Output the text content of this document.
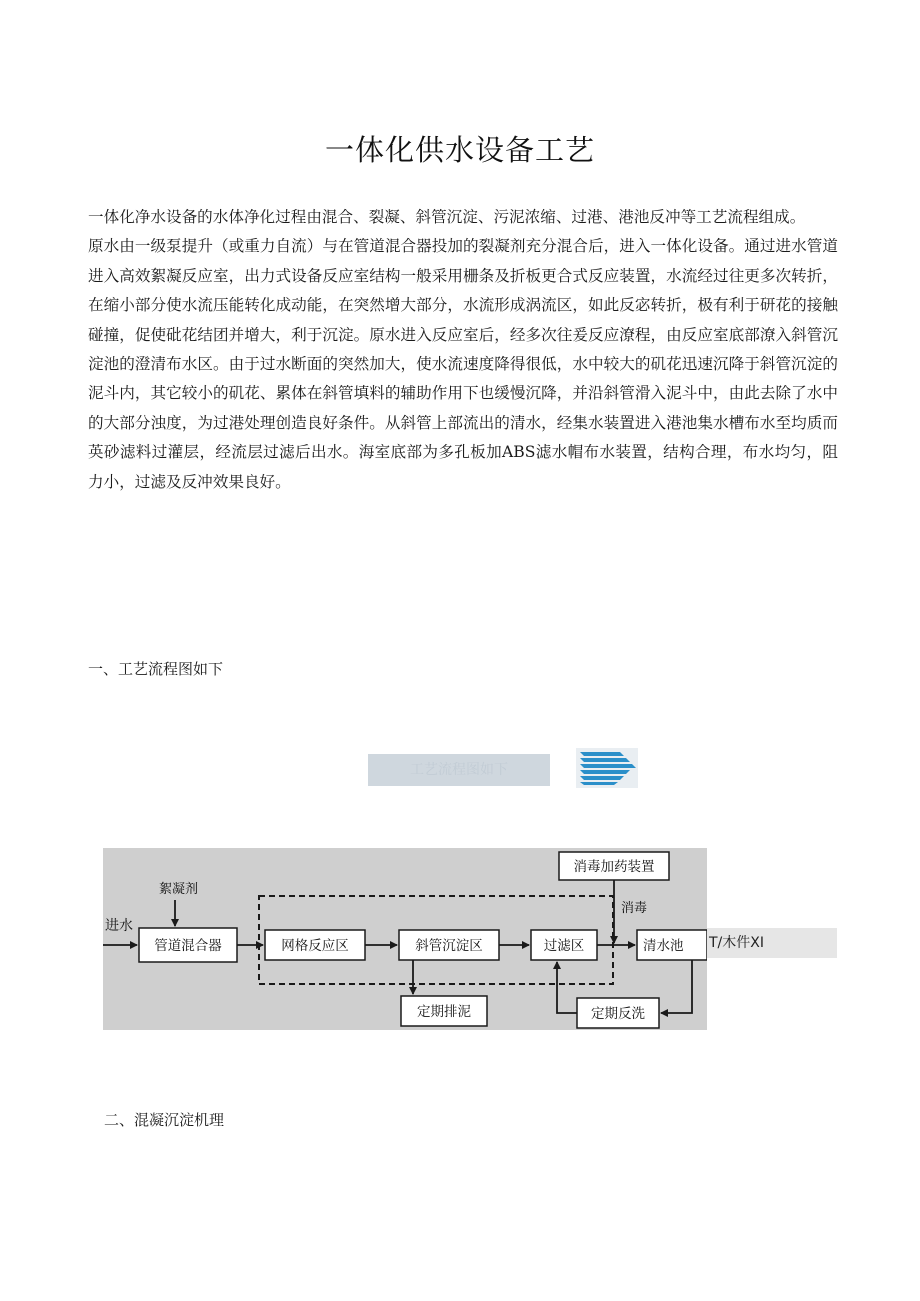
一体化供水设备工艺

一体化净水设备的水体净化过程由混合、裂凝、斜管沉淀、污泥浓缩、过港、港池反冲等工艺流程组成。

原水由一级泵提升（或重力自流）与在管道混合器投加的裂凝剂充分混合后，进入一体化设备。通过进水管道进入高效絮凝反应室，出力式设备反应室结构一般采用栅条及折板更合式反应装置，水流经过往更多次转折，在缩小部分使水流压能转化成动能，在突然增大部分，水流形成涡流区，如此反宓转折，极有利于研花的接触碰撞，促使砒花结团并增大，利于沉淀。原水进入反应室后，经多次往爰反应潦程，由反应室底部潦入斜管沉淀池的澄清布水区。由于过水断面的突然加大，使水流速度降得很低，水中较大的矶花迅速沉降于斜管沉淀的泥斗内，其它较小的矶花、累体在斜管填料的辅助作用下也缓慢沉降，并沿斜管滑入泥斗中，由此去除了水中的大部分浊度，为过港处理创造良好条件。从斜管上部流出的清水，经集水装置进入港池集水槽布水至均质而英砂滤料过灌层，经流层过滤后出水。海室底部为多孔板加ABS滤水帽布水装置，结构合理，布水均匀，阻力小，过滤及反冲效果良好。

一、工艺流程图如下
工艺流程图如下
进水
絮凝剂
消毒
管道混合器	网格反应区	斜管沉淀区	过滤区	清水池
消毒加药装置
定期排泥	定期反洗
T/木件XI
二、混凝沉淀机理
